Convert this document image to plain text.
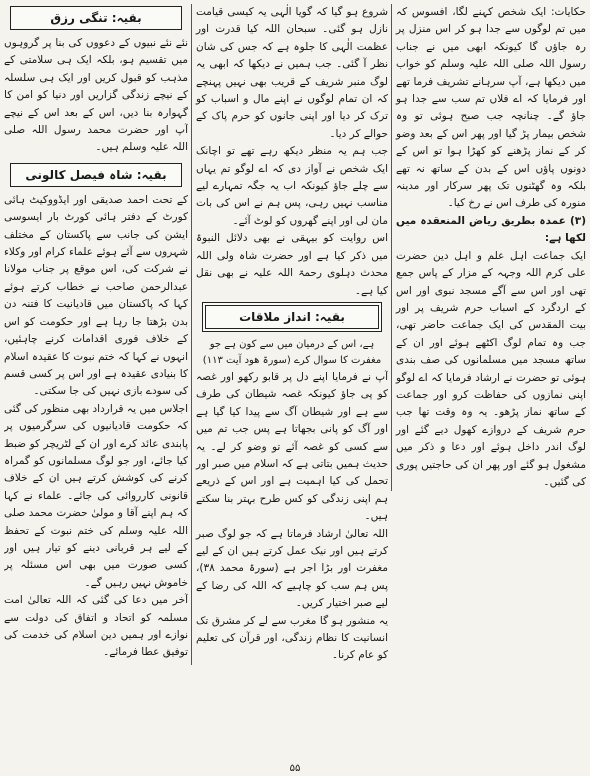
حکایات: ایک شخص کہنے لگا، افسوس کہ میں تم لوگوں سے جدا ہو کر اس منزل پر رہ جاؤں گا کیونکہ ابھی میں نے جناب رسول اللہ صلی اللہ علیہ وسلم کو خواب میں دیکھا ہے، آپ سرہانے تشریف فرما تھے اور فرمایا کہ اے فلاں تم سب سے جدا ہو جاؤ گے۔ چنانچہ جب صبح ہوئی تو وہ شخص بیمار پڑ گیا اور پھر اس کے بعد وضو کر کے نماز پڑھنے کو کھڑا ہوا تو اس کے دونوں پاؤں اس کے بدن کے ساتھ نہ تھے بلکہ وہ گھٹنوں تک پھر سرکار اور مدینہ منورہ کی طرف اس نے رخ کیا۔

(۳) عمدہ بطریق ریاض المنعقدہ میں لکھا ہے:

ایک جماعت اہل علم و اہل دین حضرت علی کرم اللہ وجہہ کے مزار کے پاس جمع تھی اور اس سے آگے مسجد نبوی اور اس کے اردگرد کے اسباب حرم شریف پر اور بیت المقدس کی ایک جماعت حاضر تھی، جب وہ تمام لوگ اکٹھے ہوئے اور ان کے ساتھ مسجد میں مسلمانوں کی صف بندی ہوئی تو حضرت نے ارشاد فرمایا کہ اے لوگو اپنی نمازوں کی حفاظت کرو اور جماعت کے ساتھ نماز پڑھو۔ یہ وہ وقت تھا جب حرم شریف کے دروازے کھول دیے گئے اور لوگ اندر داخل ہوئے اور دعا و ذکر میں مشغول ہو گئے اور پھر ان کی حاجتیں پوری کی گئیں۔

شروع ہو گیا کہ گویا الٰہی یہ کیسی قیامت نازل ہو گئی۔ سبحان اللہ کیا قدرت اور عظمت الٰہی کا جلوہ ہے کہ جس کی شان نظر آ گئی۔ جب ہمیں نے دیکھا کہ ابھی یہ لوگ منبر شریف کے قریب بھی نہیں پہنچے کہ ان تمام لوگوں نے اپنے مال و اسباب کو ترک کر دیا اور اپنی جانوں کو حرم پاک کے حوالے کر دیا۔

جب ہم یہ منظر دیکھ رہے تھے تو اچانک ایک شخص نے آواز دی کہ اے لوگو تم یہاں سے چلے جاؤ کیونکہ اب یہ جگہ تمہارے لیے مناسب نہیں رہی، پس ہم نے اس کی بات مان لی اور اپنے گھروں کو لوٹ آئے۔

اس روایت کو بیہقی نے بھی دلائل النبوۃ میں ذکر کیا ہے اور حضرت شاہ ولی اللہ محدث دہلوی رحمۃ اللہ علیہ نے بھی نقل کیا ہے۔

بقیہ: انداز ملاقات
ہے، اس کے درمیان میں سے کون ہے جو
مغفرت کا سوال کرے (سورۃ ھود آیت ۱۱۳)

آپ نے فرمایا اپنے دل پر قابو رکھو اور غصہ کو پی جاؤ کیونکہ غصہ شیطان کی طرف سے ہے اور شیطان آگ سے پیدا کیا گیا ہے اور آگ کو پانی بجھاتا ہے پس جب تم میں سے کسی کو غصہ آئے تو وضو کر لے۔ یہ حدیث ہمیں بتاتی ہے کہ اسلام میں صبر اور تحمل کی کیا اہمیت ہے اور اس کے ذریعے ہم اپنی زندگی کو کس طرح بہتر بنا سکتے ہیں۔

اللہ تعالیٰ ارشاد فرماتا ہے کہ جو لوگ صبر کرتے ہیں اور نیک عمل کرتے ہیں ان کے لیے مغفرت اور بڑا اجر ہے (سورۃ محمد ۳۸)، پس ہم سب کو چاہیے کہ اللہ کی رضا کے لیے صبر اختیار کریں۔

یہ منشور ہو گا مغرب سے لے کر مشرق تک انسانیت کا نظام زندگی، اور قرآن کی تعلیم کو عام کرنا۔

بقیہ: تنگی رزق

نئے نئے نبیوں کے دعووں کی بنا پر گروہوں میں تقسیم ہو، بلکہ ایک ہی سلامتی کے مذہب کو قبول کریں اور ایک ہی سلسلہ کے نیچے زندگی گزاریں اور دنیا کو امن کا گہوارہ بنا دیں، اس کے بعد اس کے نیچے آپ اور حضرت محمد رسول اللہ صلی اللہ علیہ وسلم ہیں۔

بقیہ: شاہ فیصل کالونی

کے تحت احمد صدیقی اور ایڈووکیٹ ہائی کورٹ کے دفتر ہائی کورٹ بار ایسوسی ایشن کی جانب سے پاکستان کے مختلف شہروں سے آئے ہوئے علماء کرام اور وکلاء نے شرکت کی، اس موقع پر جناب مولانا عبدالرحمن صاحب نے خطاب کرتے ہوئے کہا کہ پاکستان میں قادیانیت کا فتنہ دن بدن بڑھتا جا رہا ہے اور حکومت کو اس کے خلاف فوری اقدامات کرنے چاہئیں، انہوں نے کہا کہ ختم نبوت کا عقیدہ اسلام کا بنیادی عقیدہ ہے اور اس پر کسی قسم کی سودے بازی نہیں کی جا سکتی۔

اجلاس میں یہ قرارداد بھی منظور کی گئی کہ حکومت قادیانیوں کی سرگرمیوں پر پابندی عائد کرے اور ان کے لٹریچر کو ضبط کیا جائے، اور جو لوگ مسلمانوں کو گمراہ کرنے کی کوشش کرتے ہیں ان کے خلاف قانونی کارروائی کی جائے۔ علماء نے کہا کہ ہم اپنے آقا و مولیٰ حضرت محمد صلی اللہ علیہ وسلم کی ختم نبوت کے تحفظ کے لیے ہر قربانی دینے کو تیار ہیں اور کسی صورت میں بھی اس مسئلہ پر خاموش نہیں رہیں گے۔

آخر میں دعا کی گئی کہ اللہ تعالیٰ امت مسلمہ کو اتحاد و اتفاق کی دولت سے نوازے اور ہمیں دین اسلام کی خدمت کی توفیق عطا فرمائے۔

۵۵
